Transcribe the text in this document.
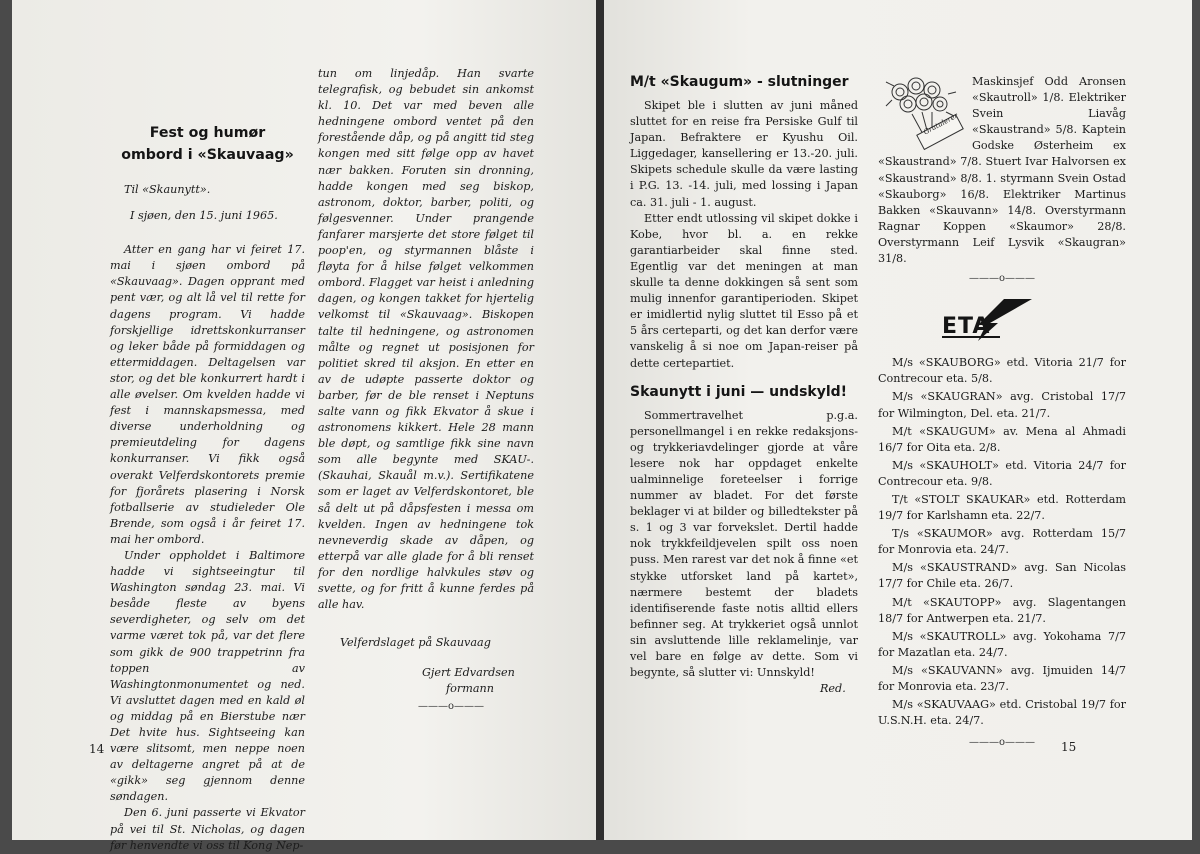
Fest og humør

ombord i «Skauvaag»

Til «Skaunytt».

I sjøen, den 15. juni 1965.

Atter en gang har vi feiret 17. mai i sjøen ombord på «Skauvaag». Dagen opprant med pent vær, og alt lå vel til rette for dagens program. Vi hadde forskjellige idrettskonkurranser og leker både på formiddagen og ettermiddagen. Deltagelsen var stor, og det ble konkurrert hardt i alle øvelser. Om kvelden hadde vi fest i mannskapsmessa, med diverse underholdning og premieutdeling for dagens konkurranser. Vi fikk også overakt Velferdskontorets premie for fjorårets plasering i Norsk fotballserie av studieleder Ole Brende, som også i år feiret 17. mai her ombord.

Under oppholdet i Baltimore hadde vi sightseeingtur til Washington søndag 23. mai. Vi besåde fleste av byens severdigheter, og selv om det varme været tok på, var det flere som gikk de 900 trappetrinn fra toppen av Washingtonmonumentet og ned. Vi avsluttet dagen med en kald øl og middag på en Bierstube nær Det hvite hus. Sightseeing kan være slitsomt, men neppe noen av deltagerne angret på at de «gikk» seg gjennom denne søndagen.

Den 6. juni passerte vi Ekvator på vei til St. Nicholas, og dagen før henvendte vi oss til Kong Nep-

tun om linjedåp. Han svarte telegrafisk, og bebudet sin ankomst kl. 10. Det var med beven alle hedningene ombord ventet på den forestående dåp, og på angitt tid steg kongen med sitt følge opp av havet nær bakken. Foruten sin dronning, hadde kongen med seg biskop, astronom, doktor, barber, politi, og følgesvenner. Under prangende fanfarer marsjerte det store følget til poop'en, og styrmannen blåste i fløyta for å hilse følget velkommen ombord. Flagget var heist i anledning dagen, og kongen takket for hjertelig velkomst til «Skauvaag». Biskopen talte til hedningene, og astronomen målte og regnet ut posisjonen for politiet skred til aksjon. En etter en av de udøpte passerte doktor og barber, før de ble renset i Neptuns salte vann og fikk Ekvator å skue i astronomens kikkert. Hele 28 mann ble døpt, og samtlige fikk sine navn som alle begynte med SKAU-. (Skauhai, Skauål m.v.). Sertifikatene som er laget av Velferdskontoret, ble så delt ut på dåpsfesten i messa om kvelden. Ingen av hedningene tok nevneverdig skade av dåpen, og etterpå var alle glade for å bli renset for den nordlige halvkules støv og svette, og for fritt å kunne ferdes på alle hav.

Velferdslaget på Skauvaag

Gjert Edvardsen

formann

———o———

14

M/t «Skaugum» - slutninger

Skipet ble i slutten av juni månеd sluttet for en reise fra Persiske Gulf til Japan. Befraktere er Kyushu Oil. Liggedager, kansellering er 13.-20. juli. Skipets schedule skulle da være lasting i P.G. 13. -14. juli, med lossing i Japan ca. 31. juli - 1. august.

Etter endt utlossing vil skipet dokke i Kobe, hvor bl. a. en rekke garantiarbeider skal finne sted. Egentlig var det meningen at man skulle ta denne dokkingen så sent som mulig innenfor garantiperioden. Skipet er imidlertid nylig sluttet til Esso på et 5 års certeparti, og det kan derfor være vanskelig å si noe om Japan-reiser på dette certepartiet.

Skaunytt i juni — undskyld!

Sommertravelhet p.g.a. personellmangel i en rekke redaksjons- og trykkeriavdelinger gjorde at våre lesere nok har oppdaget enkelte ualminnelige foreteelser i forrige nummer av bladet. For det første beklager vi at bilder og billedtekster på s. 1 og 3 var forvekslet. Dertil hadde nok trykkfeildjevelen spilt oss noen puss. Men rarest var det nok å finne «et stykke utforsket land på kartet», nærmere bestemt der bladets identifiserende faste notis alltid ellers befinner seg. At trykkeriet også unnlot sin avsluttende lille reklamelinje, var vel bare en følge av dette. Som vi begynte, så slutter vi: Unnskyld!

Red.

Gratulerer

Maskinsjef Odd Aronsen «Skautroll» 1/8. Elektriker Svein Liavåg «Skaustrand» 5/8. Kaptein Godske Østerheim ex «Skaustrand» 7/8. Stuert Ivar Halvorsen ex «Skaustrand» 8/8. 1. styrmann Svein Ostad «Skauborg» 16/8. Elektriker Martinus Bakken «Skauvann» 14/8. Overstyrmann Ragnar Koppen «Skaumor» 28/8. Overstyrmann Leif Lysvik «Skaugran» 31/8.

———o———

ETA

M/s «SKAUBORG» etd. Vitoria 21/7 for Contrecour eta. 5/8.

M/s «SKAUGRAN» avg. Cristobal 17/7 for Wilmington, Del. eta. 21/7.

M/t «SKAUGUM» av. Mena al Ahmadi 16/7 for Oita eta. 2/8.

M/s «SKAUHOLT» etd. Vitoria 24/7 for Contrecour eta. 9/8.

T/t «STOLT SKAUKAR» etd. Rotterdam 19/7 for Karlshamn eta. 22/7.

T/s «SKAUMOR» avg. Rotterdam 15/7 for Monrovia eta. 24/7.

M/s «SKAUSTRAND» avg. San Nicolas 17/7 for Chile eta. 26/7.

M/t «SKAUTOPP» avg. Slagentangen 18/7 for Antwerpen eta. 21/7.

M/s «SKAUTROLL» avg. Yokohama 7/7 for Mazatlan eta. 24/7.

M/s «SKAUVANN» avg. Ijmuiden 14/7 for Monrovia eta. 23/7.

M/s «SKAUVAAG» etd. Cristobal 19/7 for U.S.N.H. eta. 24/7.

———o———	15
